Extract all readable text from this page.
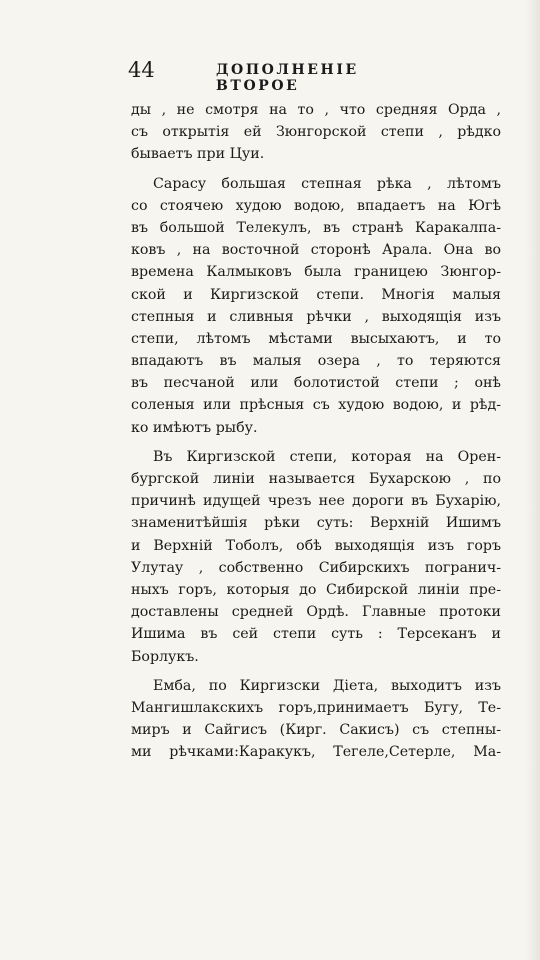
44	ДОПОЛНЕНІЕ ВТОРОЕ
ды , не смотря на то , что средняя Орда ,
съ открытія ей Зюнгорской степи , рѣдко
бываетъ при Цуи.
Сарасу большая степная рѣка , лѣтомъ
со стоячею худою водою, впадаетъ на Югѣ
въ большой Телекулъ, въ странѣ Каракалпа-
ковъ , на восточной сторонѣ Арала. Она во
времена Калмыковъ была границею Зюнгор-
ской и Киргизской степи. Многія малыя
степныя и сливныя рѣчки , выходящія изъ
степи, лѣтомъ мѣстами высыхаютъ, и то
впадаютъ въ малыя озера , то теряются
въ песчаной или болотистой степи ; онѣ
соленыя или прѣсныя съ худою водою, и рѣд-
ко имѣютъ рыбу.
Въ Киргизской степи, которая на Орен-
бургской линіи называется Бухарскою , по
причинѣ идущей чрезъ нее дороги въ Бухарію,
знаменитѣйшія рѣки суть: Верхній Ишимъ
и Верхній Тоболъ, обѣ выходящія изъ горъ
Улутау , собственно Сибирскихъ погранич-
ныхъ горъ, которыя до Сибирской линіи пре-
доставлены средней Ордѣ. Главные протоки
Ишима въ сей степи суть : Терсеканъ и
Борлукъ.
Емба, по Киргизски Діета, выходитъ изъ
Мангишлакскихъ горъ,принимаетъ Бугу, Те-
миръ и Сайгисъ (Кирг. Сакисъ) съ степны-
ми рѣчками:Каракукъ, Тегеле,Сетерле, Ма-
